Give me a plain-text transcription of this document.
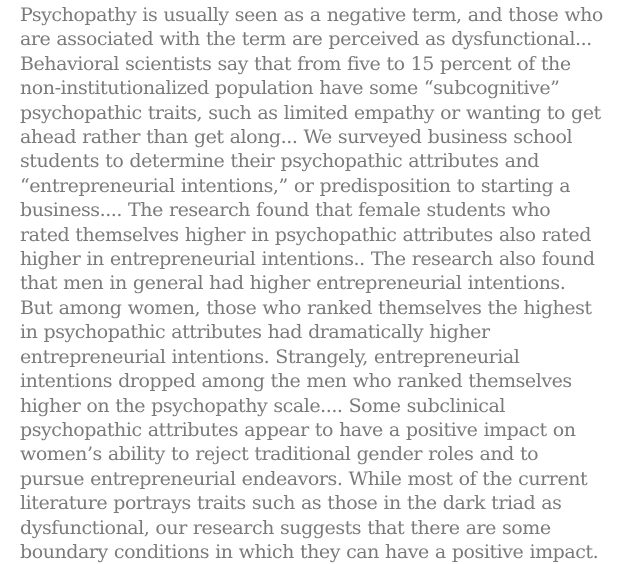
Psychopathy is usually seen as a negative term, and those who
are associated with the term are perceived as dysfunctional...
Behavioral scientists say that from five to 15 percent of the
non-institutionalized population have some “subcognitive”
psychopathic traits, such as limited empathy or wanting to get
ahead rather than get along... We surveyed business school
students to determine their psychopathic attributes and
“entrepreneurial intentions,” or predisposition to starting a
business.... The research found that female students who
rated themselves higher in psychopathic attributes also rated
higher in entrepreneurial intentions.. The research also found
that men in general had higher entrepreneurial intentions.
But among women, those who ranked themselves the highest
in psychopathic attributes had dramatically higher
entrepreneurial intentions. Strangely, entrepreneurial
intentions dropped among the men who ranked themselves
higher on the psychopathy scale.... Some subclinical
psychopathic attributes appear to have a positive impact on
women’s ability to reject traditional gender roles and to
pursue entrepreneurial endeavors. While most of the current
literature portrays traits such as those in the dark triad as
dysfunctional, our research suggests that there are some
boundary conditions in which they can have a positive impact.
